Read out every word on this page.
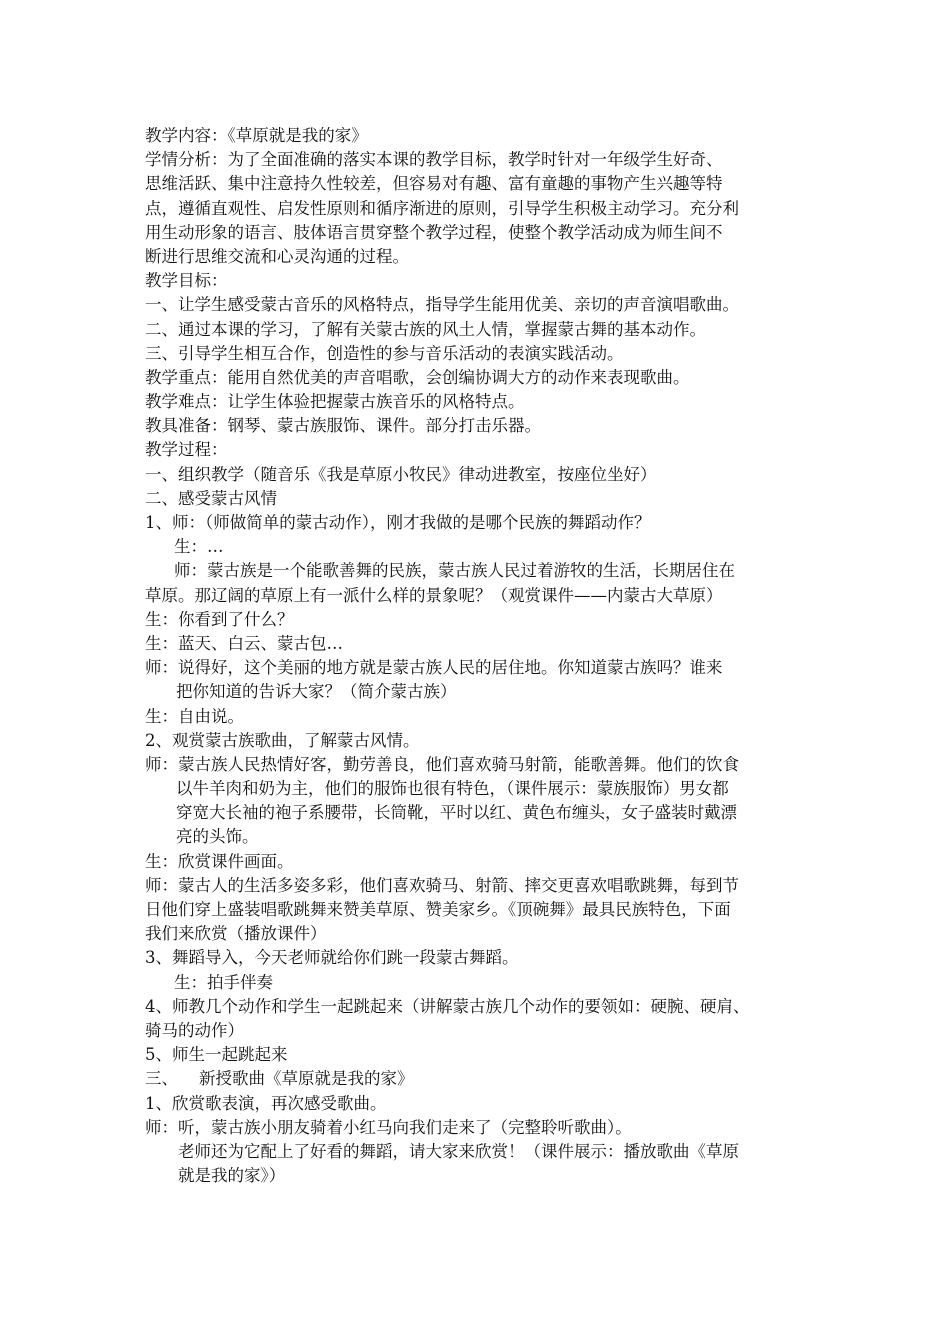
教学内容：《草原就是我的家》
学情分析：为了全面准确的落实本课的教学目标，教学时针对一年级学生好奇、
思维活跃、集中注意持久性较差，但容易对有趣、富有童趣的事物产生兴趣等特
点，遵循直观性、启发性原则和循序渐进的原则，引导学生积极主动学习。充分利
用生动形象的语言、肢体语言贯穿整个教学过程，使整个教学活动成为师生间不
断进行思维交流和心灵沟通的过程。
教学目标：
一、让学生感受蒙古音乐的风格特点，指导学生能用优美、亲切的声音演唱歌曲。
二、通过本课的学习，了解有关蒙古族的风土人情，掌握蒙古舞的基本动作。
三、引导学生相互合作，创造性的参与音乐活动的表演实践活动。
教学重点：能用自然优美的声音唱歌，会创编协调大方的动作来表现歌曲。
教学难点：让学生体验把握蒙古族音乐的风格特点。
教具准备：钢琴、蒙古族服饰、课件。部分打击乐器。
教学过程：
一、组织教学（随音乐《我是草原小牧民》律动进教室，按座位坐好）
二、感受蒙古风情
1、师：（师做简单的蒙古动作），刚才我做的是哪个民族的舞蹈动作？
生：…
师：蒙古族是一个能歌善舞的民族，蒙古族人民过着游牧的生活，长期居住在
草原。那辽阔的草原上有一派什么样的景象呢？（观赏课件——内蒙古大草原）
生：你看到了什么？
生：蓝天、白云、蒙古包…
师：说得好，这个美丽的地方就是蒙古族人民的居住地。你知道蒙古族吗？谁来
把你知道的告诉大家？（简介蒙古族）
生：自由说。
2、观赏蒙古族歌曲，了解蒙古风情。
师：蒙古族人民热情好客，勤劳善良，他们喜欢骑马射箭，能歌善舞。他们的饮食
以牛羊肉和奶为主，他们的服饰也很有特色，（课件展示：蒙族服饰）男女都
穿宽大长袖的袍子系腰带，长筒靴，平时以红、黄色布缠头，女子盛装时戴漂
亮的头饰。
生：欣赏课件画面。
师：蒙古人的生活多姿多彩，他们喜欢骑马、射箭、摔交更喜欢唱歌跳舞，每到节
日他们穿上盛装唱歌跳舞来赞美草原、赞美家乡。《顶碗舞》最具民族特色，下面
我们来欣赏（播放课件）
3、舞蹈导入，今天老师就给你们跳一段蒙古舞蹈。
生：拍手伴奏
4、师教几个动作和学生一起跳起来（讲解蒙古族几个动作的要领如：硬腕、硬肩、
骑马的动作）
5、师生一起跳起来
三、    新授歌曲《草原就是我的家》
1、欣赏歌表演，再次感受歌曲。
师：听，蒙古族小朋友骑着小红马向我们走来了（完整聆听歌曲）。
老师还为它配上了好看的舞蹈，请大家来欣赏！（课件展示：播放歌曲《草原
就是我的家》）
